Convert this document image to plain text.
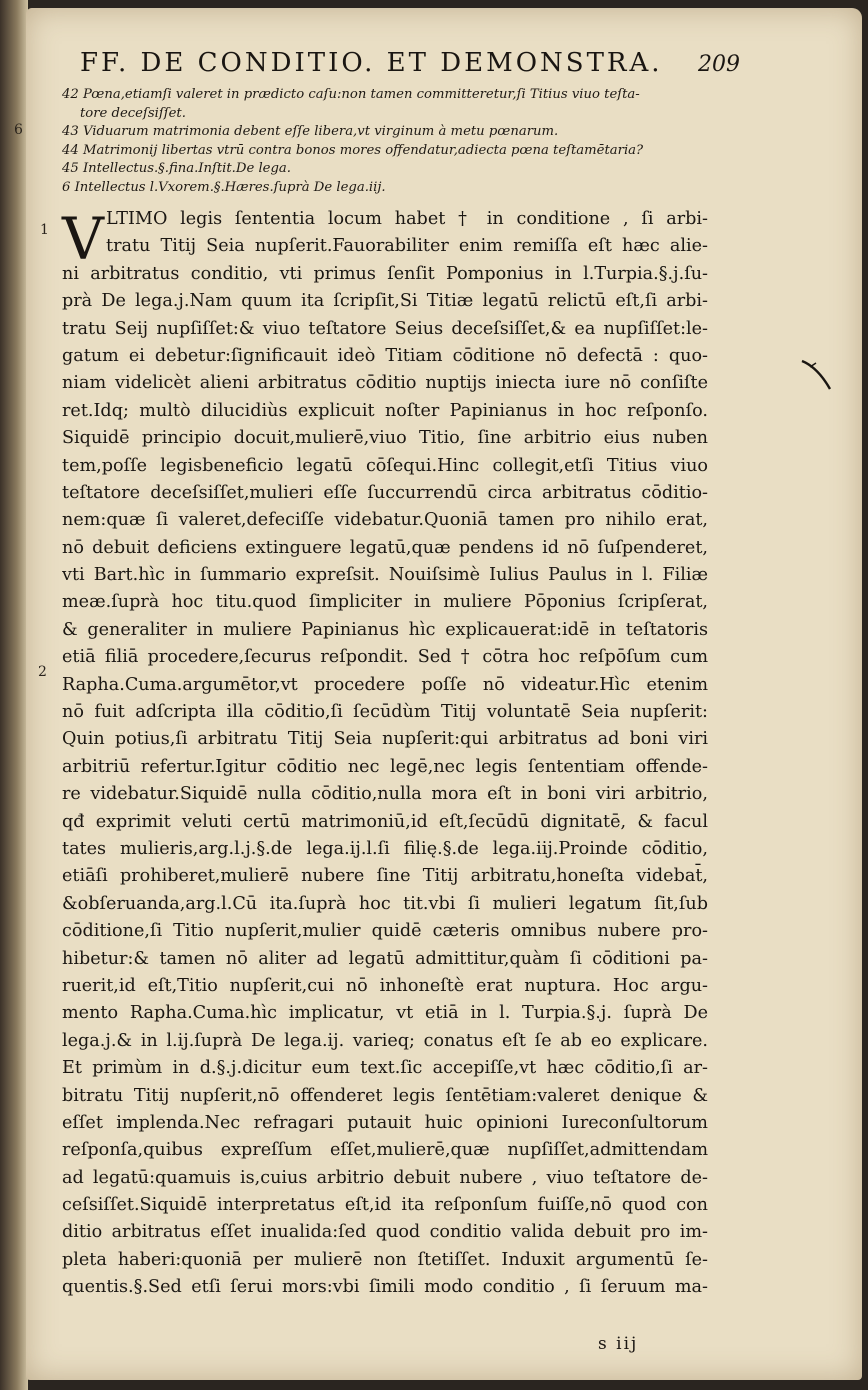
FF. DE CONDITIO. ET DEMONSTRA. 209
42 Pœna,etiamſi valeret in prædicto caſu:non tamen committeretur,ſi Titius viuo teſta-
tore deceſsiſſet.
43 Viduarum matrimonia debent eſſe libera,vt virginum à metu pœnarum.
44 Matrimonij libertas vtrū contra bonos mores offendatur,adiecta pœna teſtamētaria?
45 Intellectus.§.fina.Inſtit.De lega.
6 Intellectus l.Vxorem.§.Hæres.ſuprà De lega.iij.
6
1
2
V LTIMO legis ſententia locum habet † in conditione , ſi arbi-
tratu Titij Seia nupſerit.Fauorabiliter enim remiſſa eſt hæc alie-
ni arbitratus conditio, vti primus ſenſit Pomponius in l.Turpia.§.j.ſu-
prà De lega.j.Nam quum ita ſcripſit,Si Titiæ legatū relictū eſt,ſi arbi-
tratu Seij nupſiſſet:& viuo teſtatore Seius deceſsiſſet,& ea nupſiſſet:le-
gatum ei debetur:ſignificauit ideò Titiam cōditione nō defectā : quo-
niam videlicèt alieni arbitratus cōditio nuptijs iniecta iure nō conſiſte
ret.Idq; multò dilucidiùs explicuit noſter Papinianus in hoc reſponſo.
Siquidē principio docuit,mulierē,viuo Titio, ſine arbitrio eius nuben
tem,poſſe legisbeneficio legatū cōſequi.Hinc collegit,etſi Titius viuo
teſtatore deceſsiſſet,mulieri eſſe ſuccurrendū circa arbitratus cōditio-
nem:quæ ſi valeret,defeciſſe videbatur.Quoniā tamen pro nihilo erat,
nō debuit deficiens extinguere legatū,quæ pendens id nō ſuſpenderet,
vti Bart.hìc in ſummario expreſsit. Nouiſsimè Iulius Paulus in l. Filiæ
meæ.ſuprà hoc titu.quod ſimpliciter in muliere Pōponius ſcripſerat,
& generaliter in muliere Papinianus hìc explicauerat:idē in teſtatoris
etiā filiā procedere,ſecurus reſpondit. Sed † cōtra hoc reſpōſum cum
Rapha.Cuma.argumētor,vt procedere poſſe nō videatur.Hìc etenim
nō fuit adſcripta illa cōditio,ſi ſecūdùm Titij voluntatē Seia nupſerit:
Quin potius,ſi arbitratu Titij Seia nupſerit:qui arbitratus ad boni viri
arbitriū refertur.Igitur cōditio nec legē,nec legis ſententiam offende-
re videbatur.Siquidē nulla cōditio,nulla mora eſt in boni viri arbitrio,
qđ exprimit veluti certū matrimoniū,id eſt,ſecūdū dignitatē, & facul
tates mulieris,arg.l.j.§.de lega.ij.l.ſi filię.§.de lega.iij.Proinde cōditio,
etiāſi prohiberet,mulierē nubere ſine Titij arbitratu,honeſta videbat̄,
&obſeruanda,arg.l.Cū ita.ſuprà hoc tit.vbi ſi mulieri legatum ſit,ſub
cōditione,ſi Titio nupſerit,mulier quidē cæteris omnibus nubere pro-
hibetur:& tamen nō aliter ad legatū admittitur,quàm ſi cōditioni pa-
ruerit,id eſt,Titio nupſerit,cui nō inhoneſtè erat nuptura. Hoc argu-
mento Rapha.Cuma.hìc implicatur, vt etiā in l. Turpia.§.j. ſuprà De
lega.j.& in l.ij.ſuprà De lega.ij. varieq; conatus eſt ſe ab eo explicare.
Et primùm in d.§.j.dicitur eum text.ſic accepiſſe,vt hæc cōditio,ſi ar-
bitratu Titij nupſerit,nō offenderet legis ſentētiam:valeret denique &
eſſet implenda.Nec refragari putauit huic opinioni Iureconſultorum
reſponſa,quibus expreſſum eſſet,mulierē,quæ nupſiſſet,admittendam
ad legatū:quamuis is,cuius arbitrio debuit nubere , viuo teſtatore de-
ceſsiſſet.Siquidē interpretatus eſt,id ita reſponſum fuiſſe,nō quod con
ditio arbitratus eſſet inualida:ſed quod conditio valida debuit pro im-
pleta haberi:quoniā per mulierē non ſtetiſſet. Induxit argumentū ſe-
quentis.§.Sed etſi ſerui mors:vbi ſimili modo conditio , ſi ſeruum ma-
s iij
